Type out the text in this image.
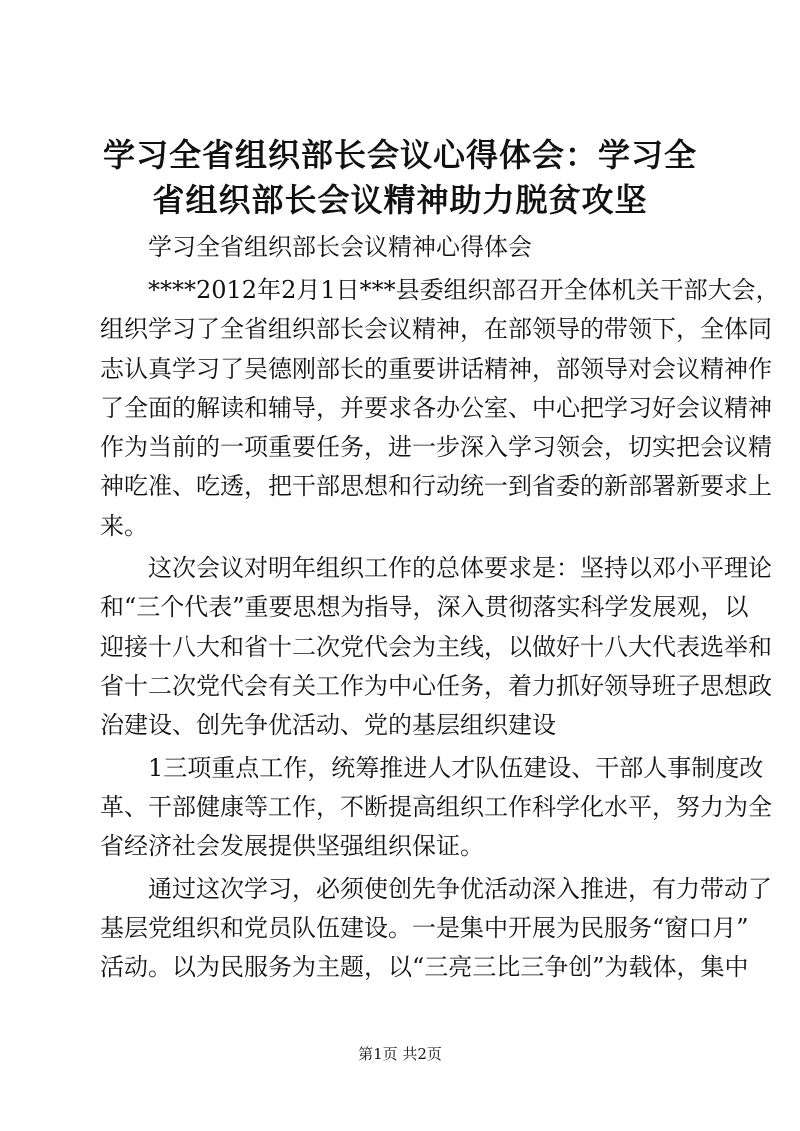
学习全省组织部长会议心得体会：学习全省组织部长会议精神助力脱贫攻坚
学习全省组织部长会议精神心得体会
****2012年2月1日***县委组织部召开全体机关干部大会，
组织学习了全省组织部长会议精神，在部领导的带领下，全体同
志认真学习了吴德刚部长的重要讲话精神，部领导对会议精神作
了全面的解读和辅导，并要求各办公室、中心把学习好会议精神
作为当前的一项重要任务，进一步深入学习领会，切实把会议精
神吃准、吃透，把干部思想和行动统一到省委的新部署新要求上
来。
这次会议对明年组织工作的总体要求是：坚持以邓小平理论
和“三个代表”重要思想为指导，深入贯彻落实科学发展观，以
迎接十八大和省十二次党代会为主线，以做好十八大代表选举和
省十二次党代会有关工作为中心任务，着力抓好领导班子思想政
治建设、创先争优活动、党的基层组织建设
1三项重点工作，统筹推进人才队伍建设、干部人事制度改
革、干部健康等工作，不断提高组织工作科学化水平，努力为全
省经济社会发展提供坚强组织保证。
通过这次学习，必须使创先争优活动深入推进，有力带动了
基层党组织和党员队伍建设。一是集中开展为民服务“窗口月”
活动。以为民服务为主题，以“三亮三比三争创”为载体，集中
第1页 共2页
